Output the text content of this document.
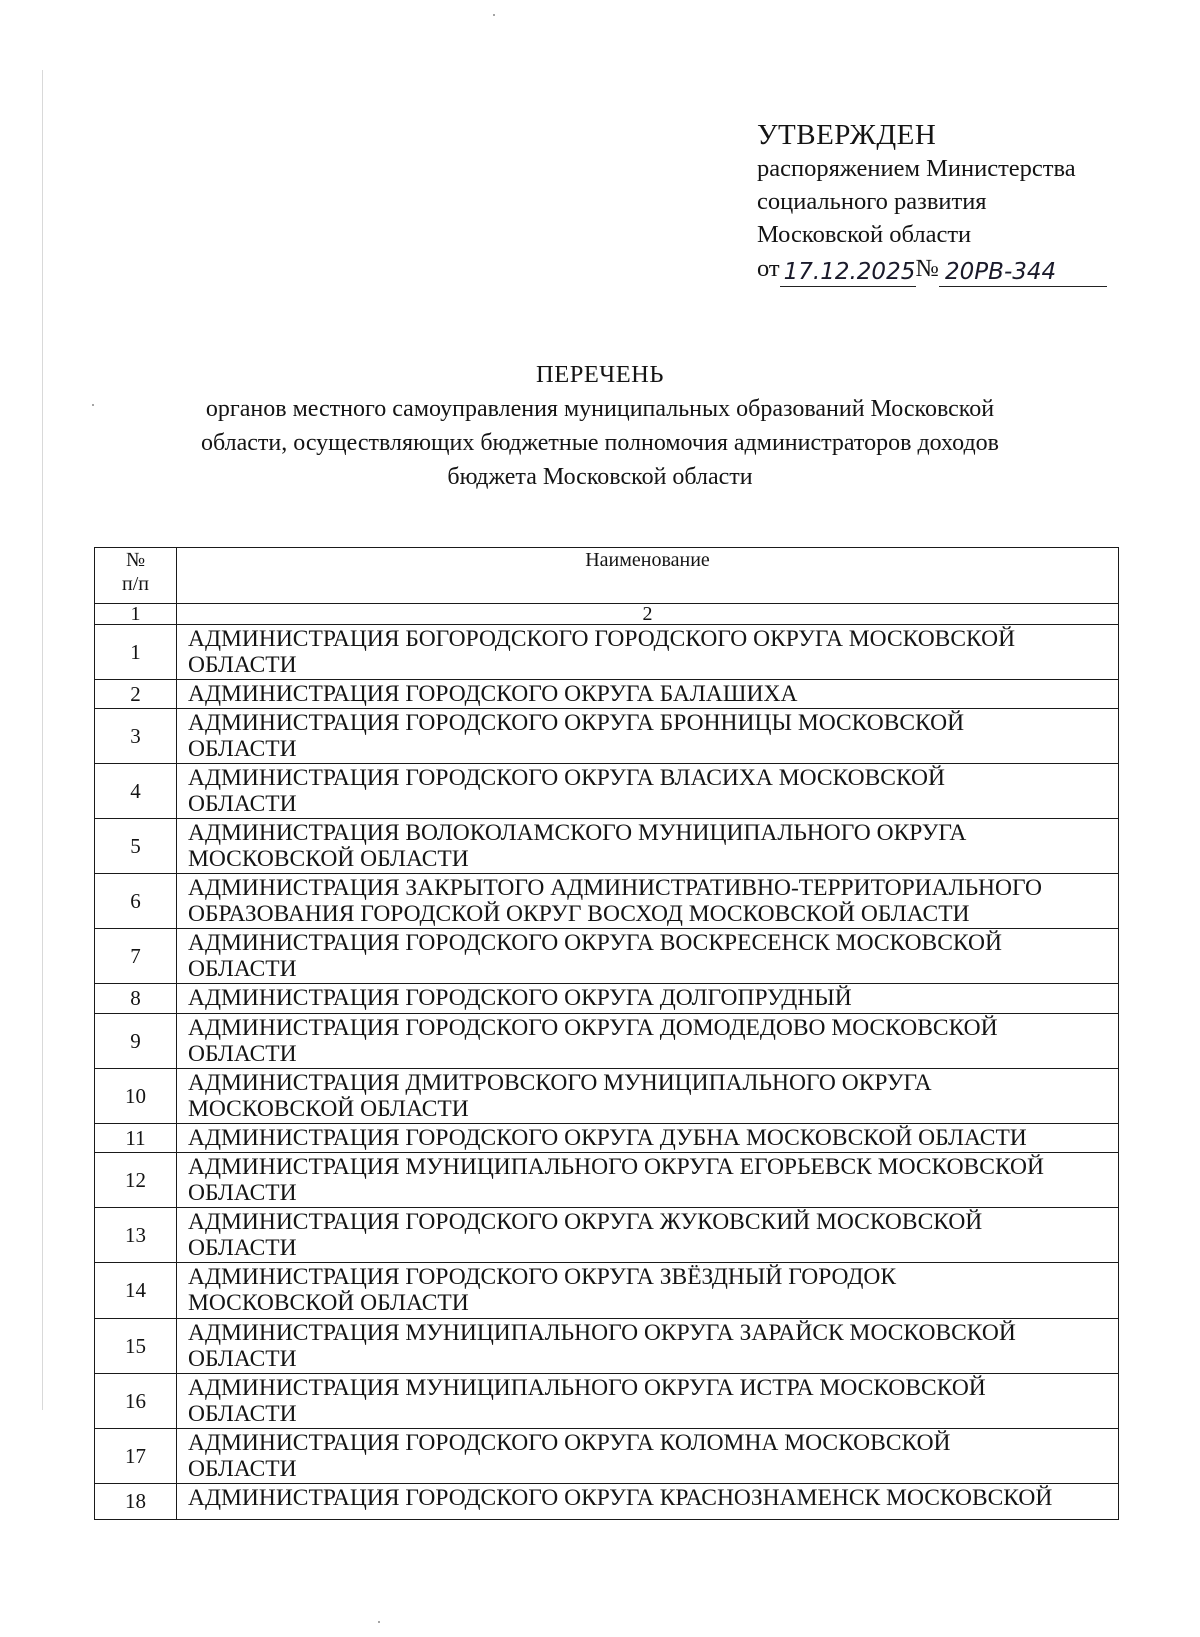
УТВЕРЖДЕН
распоряжением Министерства
социального развития
Московской области
от 17.12.2025 № 20РВ-344
ПЕРЕЧЕНЬ
органов местного самоуправления муниципальных образований Московской
области, осуществляющих бюджетные полномочия администраторов доходов
бюджета Московской области
№
п/п	Наименование
1	2
1	АДМИНИСТРАЦИЯ БОГОРОДСКОГО ГОРОДСКОГО ОКРУГА МОСКОВСКОЙ
ОБЛАСТИ

2	АДМИНИСТРАЦИЯ ГОРОДСКОГО ОКРУГА БАЛАШИХА

3	АДМИНИСТРАЦИЯ ГОРОДСКОГО ОКРУГА БРОННИЦЫ МОСКОВСКОЙ
ОБЛАСТИ

4	АДМИНИСТРАЦИЯ ГОРОДСКОГО ОКРУГА ВЛАСИХА МОСКОВСКОЙ
ОБЛАСТИ

5	АДМИНИСТРАЦИЯ ВОЛОКОЛАМСКОГО МУНИЦИПАЛЬНОГО ОКРУГА
МОСКОВСКОЙ ОБЛАСТИ

6	АДМИНИСТРАЦИЯ ЗАКРЫТОГО АДМИНИСТРАТИВНО-ТЕРРИТОРИАЛЬНОГО
ОБРАЗОВАНИЯ ГОРОДСКОЙ ОКРУГ ВОСХОД МОСКОВСКОЙ ОБЛАСТИ

7	АДМИНИСТРАЦИЯ ГОРОДСКОГО ОКРУГА ВОСКРЕСЕНСК МОСКОВСКОЙ
ОБЛАСТИ

8	АДМИНИСТРАЦИЯ ГОРОДСКОГО ОКРУГА ДОЛГОПРУДНЫЙ

9	АДМИНИСТРАЦИЯ ГОРОДСКОГО ОКРУГА ДОМОДЕДОВО МОСКОВСКОЙ
ОБЛАСТИ

10	АДМИНИСТРАЦИЯ ДМИТРОВСКОГО МУНИЦИПАЛЬНОГО ОКРУГА
МОСКОВСКОЙ ОБЛАСТИ

11	АДМИНИСТРАЦИЯ ГОРОДСКОГО ОКРУГА ДУБНА МОСКОВСКОЙ ОБЛАСТИ

12	АДМИНИСТРАЦИЯ МУНИЦИПАЛЬНОГО ОКРУГА ЕГОРЬЕВСК МОСКОВСКОЙ
ОБЛАСТИ

13	АДМИНИСТРАЦИЯ ГОРОДСКОГО ОКРУГА ЖУКОВСКИЙ МОСКОВСКОЙ
ОБЛАСТИ

14	АДМИНИСТРАЦИЯ ГОРОДСКОГО ОКРУГА ЗВЁЗДНЫЙ ГОРОДОК
МОСКОВСКОЙ ОБЛАСТИ

15	АДМИНИСТРАЦИЯ МУНИЦИПАЛЬНОГО ОКРУГА ЗАРАЙСК МОСКОВСКОЙ
ОБЛАСТИ

16	АДМИНИСТРАЦИЯ МУНИЦИПАЛЬНОГО ОКРУГА ИСТРА МОСКОВСКОЙ
ОБЛАСТИ

17	АДМИНИСТРАЦИЯ ГОРОДСКОГО ОКРУГА КОЛОМНА МОСКОВСКОЙ
ОБЛАСТИ

18	АДМИНИСТРАЦИЯ ГОРОДСКОГО ОКРУГА КРАСНОЗНАМЕНСК МОСКОВСКОЙ
